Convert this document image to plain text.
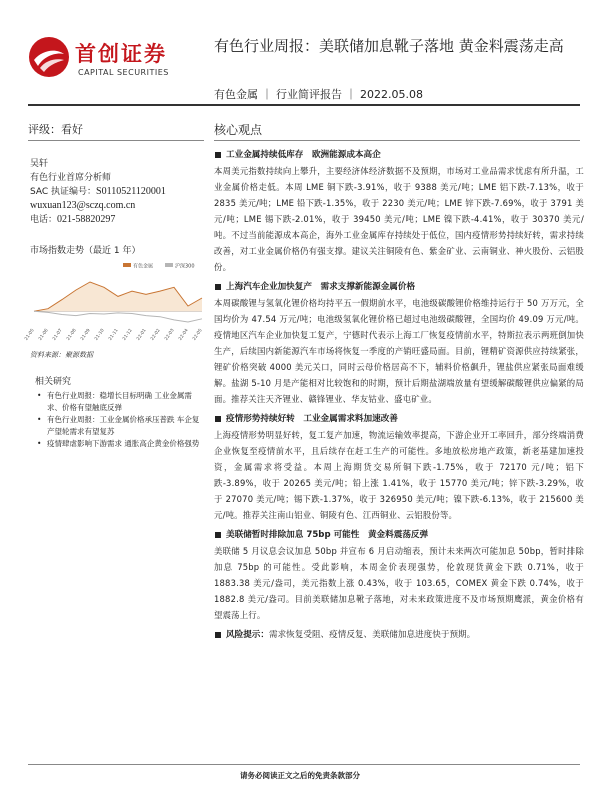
首创证券
CAPITAL SECURITIES
有色行业周报：美联储加息靴子落地 黄金料震荡走高
有色金属 ｜ 行业简评报告 ｜ 2022.05.08
评级：看好	核心观点
吴轩
有色行业首席分析师
SAC 执证编号：S0110521120001
wuxuan123@sczq.com.cn
电话：021-58820297
市场指数走势（最近 1 年）
有色金属	沪深300
21-05 21-06 21-07 21-08 21-09 21-10 21-11 21-12 22-01 22-02 22-03 22-04 22-05
资料来源：聚源数据
相关研究
• 有色行业周报：稳增长目标明确 工业金属需求、价格有望触底反弹
• 有色行业周报：工业金属价格承压普跌 车企复产望轮需求有望复苏
• 疫情肆虐影响下游需求 通胀高企黄金价格强势
工业金属持续低库存　欧洲能源成本高企
本周美元指数持续向上攀升，主要经济体经济数据不及预期，市场对工业品需求忧虑有所升温，工业金属价格走低。本周 LME 铜下跌-3.91%，收于 9388 美元/吨；LME 铝下跌-7.13%，收于 2835 美元/吨；LME 铅下跌-1.35%，收于 2230 美元/吨；LME 锌下跌-7.69%，收于 3791 美元/吨；LME 锡下跌-2.01%，收于 39450 美元/吨；LME 镍下跌-4.41%，收于 30370 美元/吨。不过当前能源成本高企，海外工业金属库存持续处于低位，国内疫情形势持续好转，需求持续改善，对工业金属价格仍有强支撑。建议关注铜陵有色、紫金矿业、云南铜业、神火股份、云铝股份。
上海汽车企业加快复产　需求支撑新能源金属价格
本周碳酸锂与氢氧化锂价格均持平五一假期前水平，电池级碳酸锂价格维持运行于 50 万万元，全国均价为 47.54 万元/吨；电池级氢氧化锂价格已超过电池级碳酸锂，全国均价 49.09 万元/吨。疫情地区汽车企业加快复工复产，宁德时代表示上海工厂恢复疫情前水平，特斯拉表示两班倒加快生产，后续国内新能源汽车市场将恢复一季度的产销旺盛局面。目前，锂精矿资源供应持续紧张，锂矿价格突破 4000 美元关口，同时云母价格居高不下，辅料价格飙升，锂盐供应紧张局面难缓解。盐湖 5-10 月是产能相对比较饱和的时期，预计后期盐湖端放量有望缓解碳酸锂供应偏紧的局面。推荐关注天齐锂业、赣锋锂业、华友钴业、盛屯矿业。
疫情形势持续好转　工业金属需求料加速改善
上海疫情形势明显好转，复工复产加速，物流运输效率提高，下游企业开工率回升，部分终端消费企业恢复至疫情前水平，且后续存在赶工生产的可能性。多地放松房地产政策，新老基建加速投资，金属需求将受益。本周上海期货交易所铜下跌-1.75%，收于 72170 元/吨；铝下跌-3.89%，收于 20265 美元/吨；铅上涨 1.41%，收于 15770 美元/吨；锌下跌-3.29%，收于 27070 美元/吨；锡下跌-1.37%，收于 326950 美元/吨；镍下跌-6.13%，收于 215600 美元/吨。推荐关注南山铝业、铜陵有色、江西铜业、云铝股份等。
美联储暂时排除加息 75bp 可能性　黄金料震荡反弹
美联储 5 月议息会议加息 50bp 并宣布 6 月启动缩表，预计未来两次可能加息 50bp，暂时排除加息 75bp 的可能性。受此影响，本周金价表现强势，伦敦现货黄金下跌 0.71%，收于 1883.38 美元/盎司，美元指数上涨 0.43%，收于 103.65，COMEX 黄金下跌 0.74%，收于 1882.8 美元/盎司。目前美联储加息靴子落地，对未来政策进度不及市场预期鹰派，黄金价格有望震荡上行。
风险提示：需求恢复受阻、疫情反复、美联储加息进度快于预期。
请务必阅读正文之后的免责条款部分
